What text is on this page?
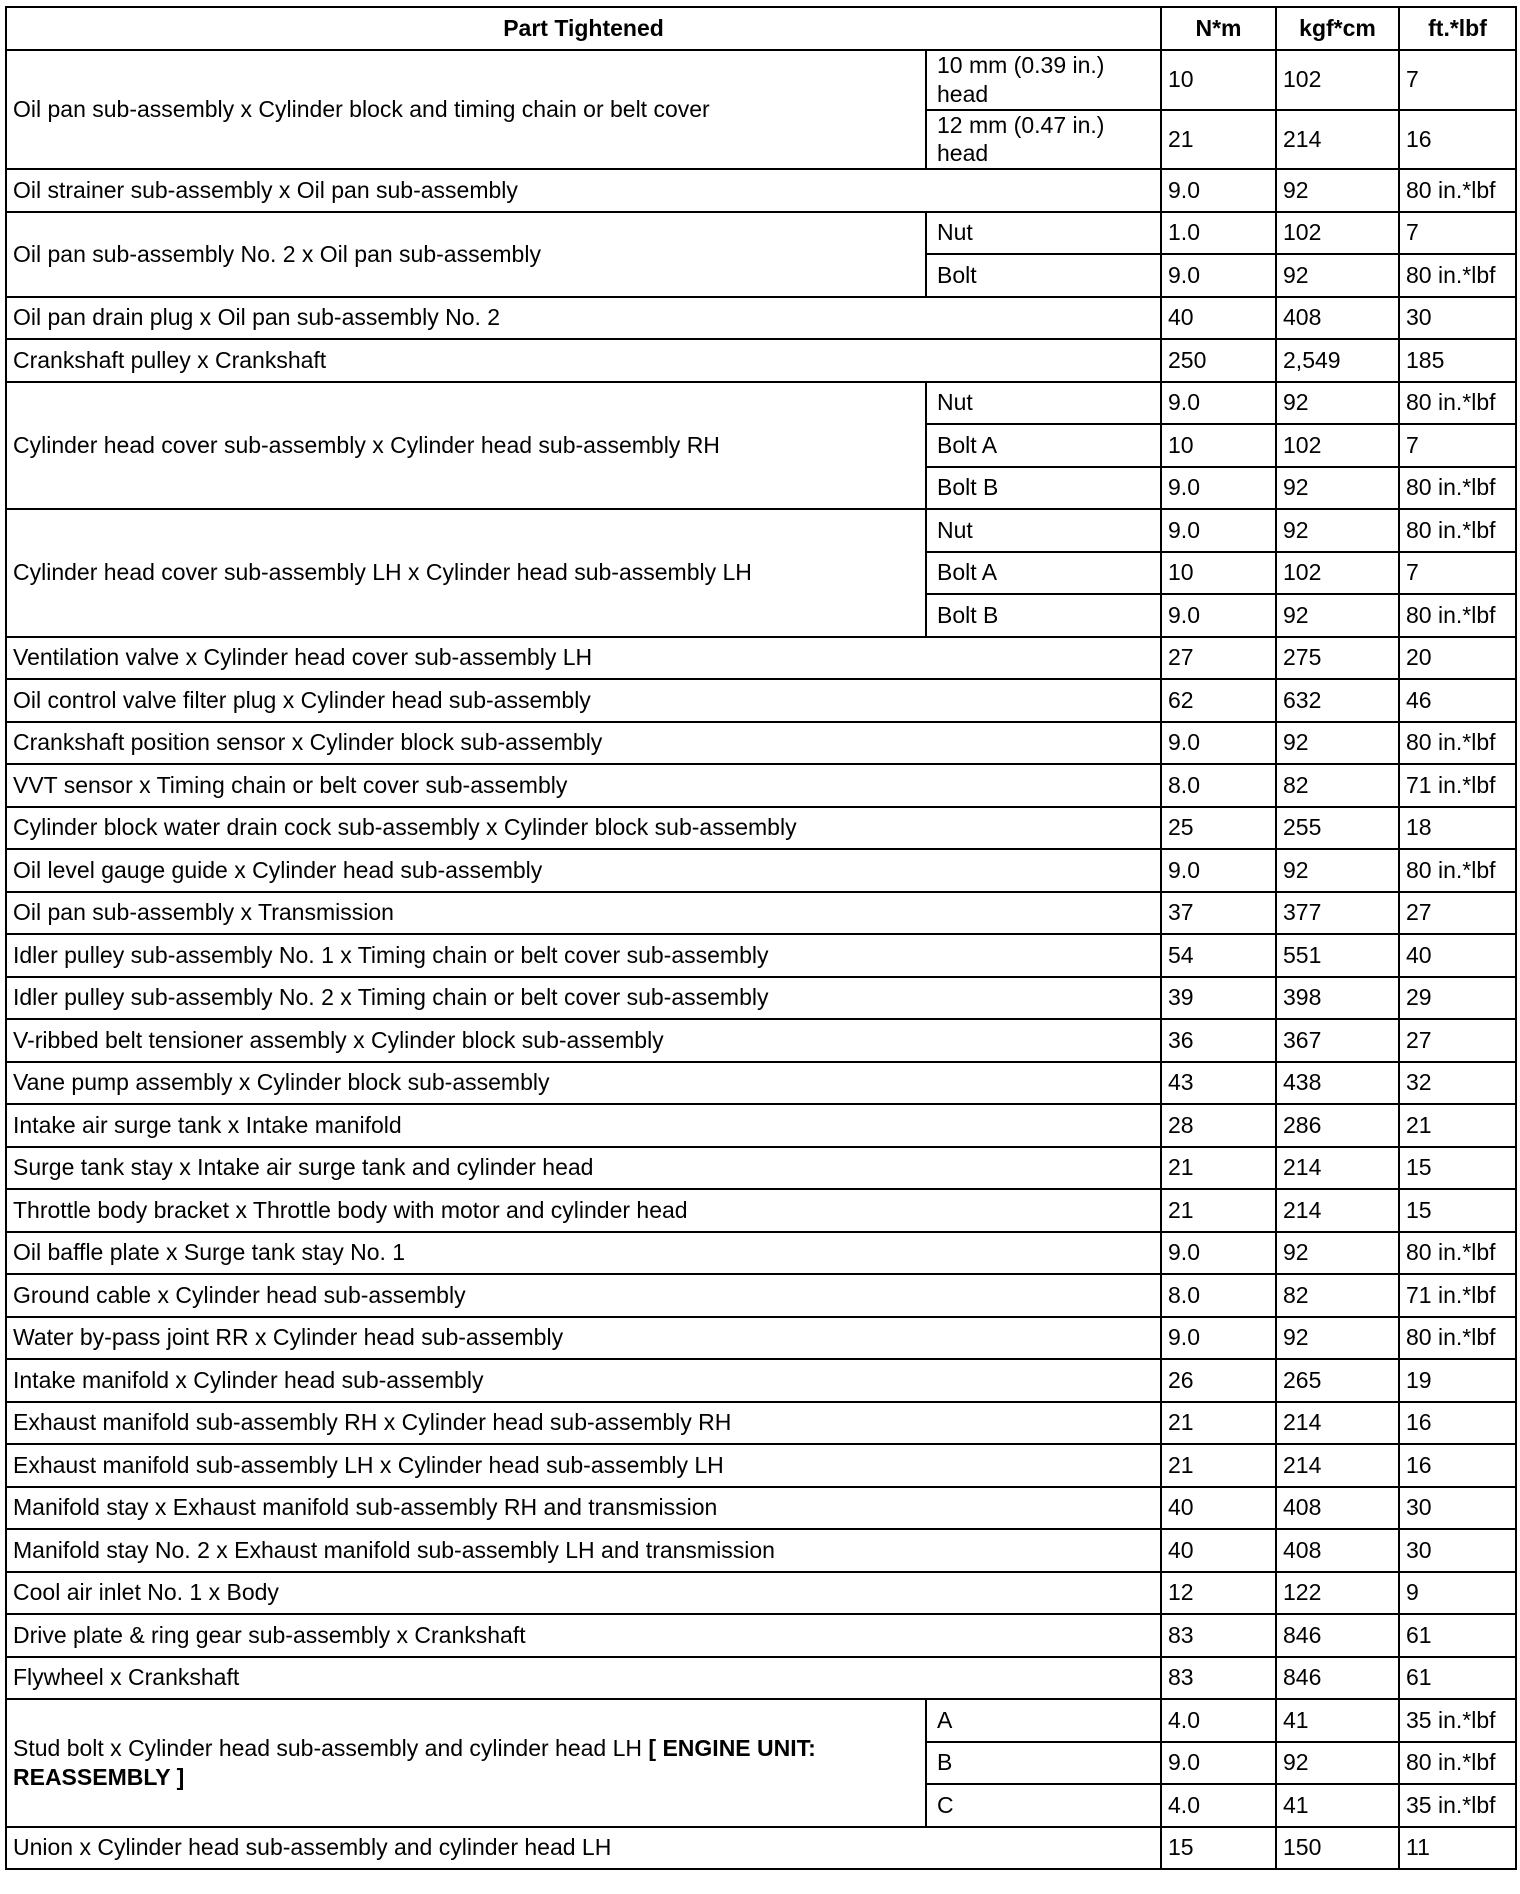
Part Tightened		N*m	kgf*cm	ft.*lbf
Oil pan sub-assembly x Cylinder block and timing chain or belt cover	10 mm (0.39 in.) head	10	102	7
	12 mm (0.47 in.) head	21	214	16
Oil strainer sub-assembly x Oil pan sub-assembly		9.0	92	80 in.*lbf
Oil pan sub-assembly No. 2 x Oil pan sub-assembly	Nut	1.0	102	7
	Bolt	9.0	92	80 in.*lbf
Oil pan drain plug x Oil pan sub-assembly No. 2		40	408	30
Crankshaft pulley x Crankshaft		250	2,549	185
Cylinder head cover sub-assembly x Cylinder head sub-assembly RH	Nut	9.0	92	80 in.*lbf
	Bolt A	10	102	7
	Bolt B	9.0	92	80 in.*lbf
Cylinder head cover sub-assembly LH x Cylinder head sub-assembly LH	Nut	9.0	92	80 in.*lbf
	Bolt A	10	102	7
	Bolt B	9.0	92	80 in.*lbf
Ventilation valve x Cylinder head cover sub-assembly LH		27	275	20
Oil control valve filter plug x Cylinder head sub-assembly		62	632	46
Crankshaft position sensor x Cylinder block sub-assembly		9.0	92	80 in.*lbf
VVT sensor x Timing chain or belt cover sub-assembly		8.0	82	71 in.*lbf
Cylinder block water drain cock sub-assembly x Cylinder block sub-assembly		25	255	18
Oil level gauge guide x Cylinder head sub-assembly		9.0	92	80 in.*lbf
Oil pan sub-assembly x Transmission		37	377	27
Idler pulley sub-assembly No. 1 x Timing chain or belt cover sub-assembly		54	551	40
Idler pulley sub-assembly No. 2 x Timing chain or belt cover sub-assembly		39	398	29
V-ribbed belt tensioner assembly x Cylinder block sub-assembly		36	367	27
Vane pump assembly x Cylinder block sub-assembly		43	438	32
Intake air surge tank x Intake manifold		28	286	21
Surge tank stay x Intake air surge tank and cylinder head		21	214	15
Throttle body bracket x Throttle body with motor and cylinder head		21	214	15
Oil baffle plate x Surge tank stay No. 1		9.0	92	80 in.*lbf
Ground cable x Cylinder head sub-assembly		8.0	82	71 in.*lbf
Water by-pass joint RR x Cylinder head sub-assembly		9.0	92	80 in.*lbf
Intake manifold x Cylinder head sub-assembly		26	265	19
Exhaust manifold sub-assembly RH x Cylinder head sub-assembly RH		21	214	16
Exhaust manifold sub-assembly LH x Cylinder head sub-assembly LH		21	214	16
Manifold stay x Exhaust manifold sub-assembly RH and transmission		40	408	30
Manifold stay No. 2 x Exhaust manifold sub-assembly LH and transmission		40	408	30
Cool air inlet No. 1 x Body		12	122	9
Drive plate & ring gear sub-assembly x Crankshaft		83	846	61
Flywheel x Crankshaft		83	846	61
Stud bolt x Cylinder head sub-assembly and cylinder head LH [ ENGINE UNIT: REASSEMBLY ]	A	4.0	41	35 in.*lbf
	B	9.0	92	80 in.*lbf
	C	4.0	41	35 in.*lbf
Union x Cylinder head sub-assembly and cylinder head LH		15	150	11
